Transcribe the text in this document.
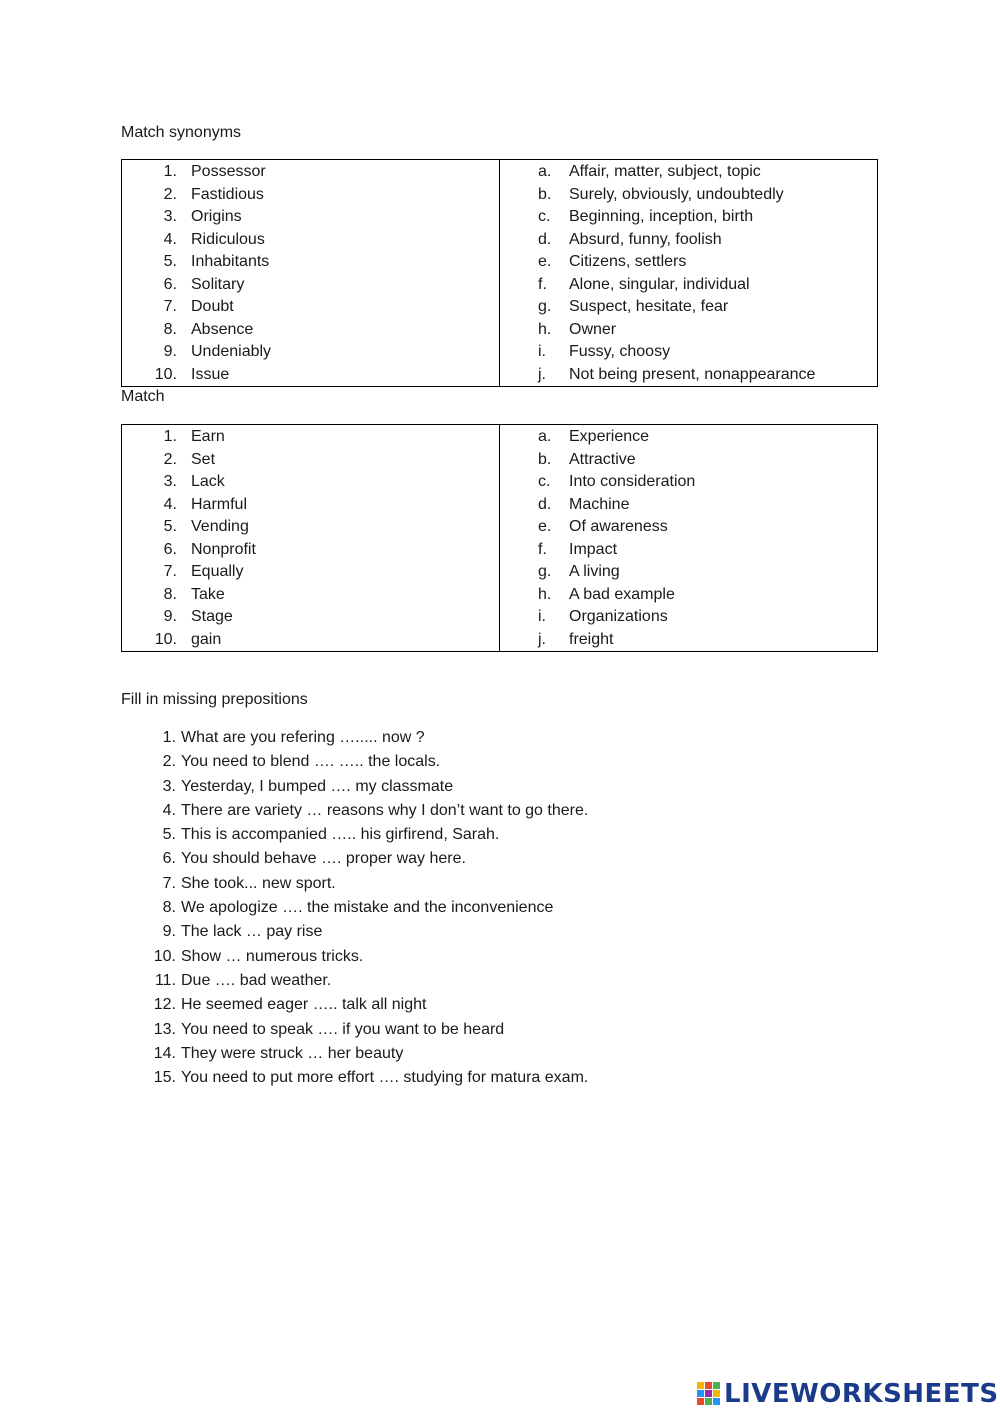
Match synonyms
1. Possessor
2. Fastidious
3. Origins
4. Ridiculous
5. Inhabitants
6. Solitary
7. Doubt
8. Absence
9. Undeniably
10. Issue
a. Affair, matter, subject, topic
b. Surely, obviously, undoubtedly
c. Beginning, inception, birth
d. Absurd, funny, foolish
e. Citizens, settlers
f. Alone, singular, individual
g. Suspect, hesitate, fear
h. Owner
i. Fussy, choosy
j. Not being present, nonappearance
Match
1. Earn
2. Set
3. Lack
4. Harmful
5. Vending
6. Nonprofit
7. Equally
8. Take
9. Stage
10. gain
a. Experience
b. Attractive
c. Into consideration
d. Machine
e. Of awareness
f. Impact
g. A living
h. A bad example
i. Organizations
j. freight
Fill in missing prepositions
1. What are you refering …..... now ?
2. You need to blend …. ….. the locals.
3. Yesterday, I bumped …. my classmate
4. There are variety … reasons why I don’t want to go there.
5. This is accompanied ….. his girfirend, Sarah.
6. You should behave …. proper way here.
7. She took... new sport.
8. We apologize …. the mistake and the inconvenience
9. The lack … pay rise
10. Show … numerous tricks.
11. Due …. bad weather.
12. He seemed eager ….. talk all night
13. You need to speak …. if you want to be heard
14. They were struck … her beauty
15. You need to put more effort …. studying for matura exam.
LIVEWORKSHEETS
